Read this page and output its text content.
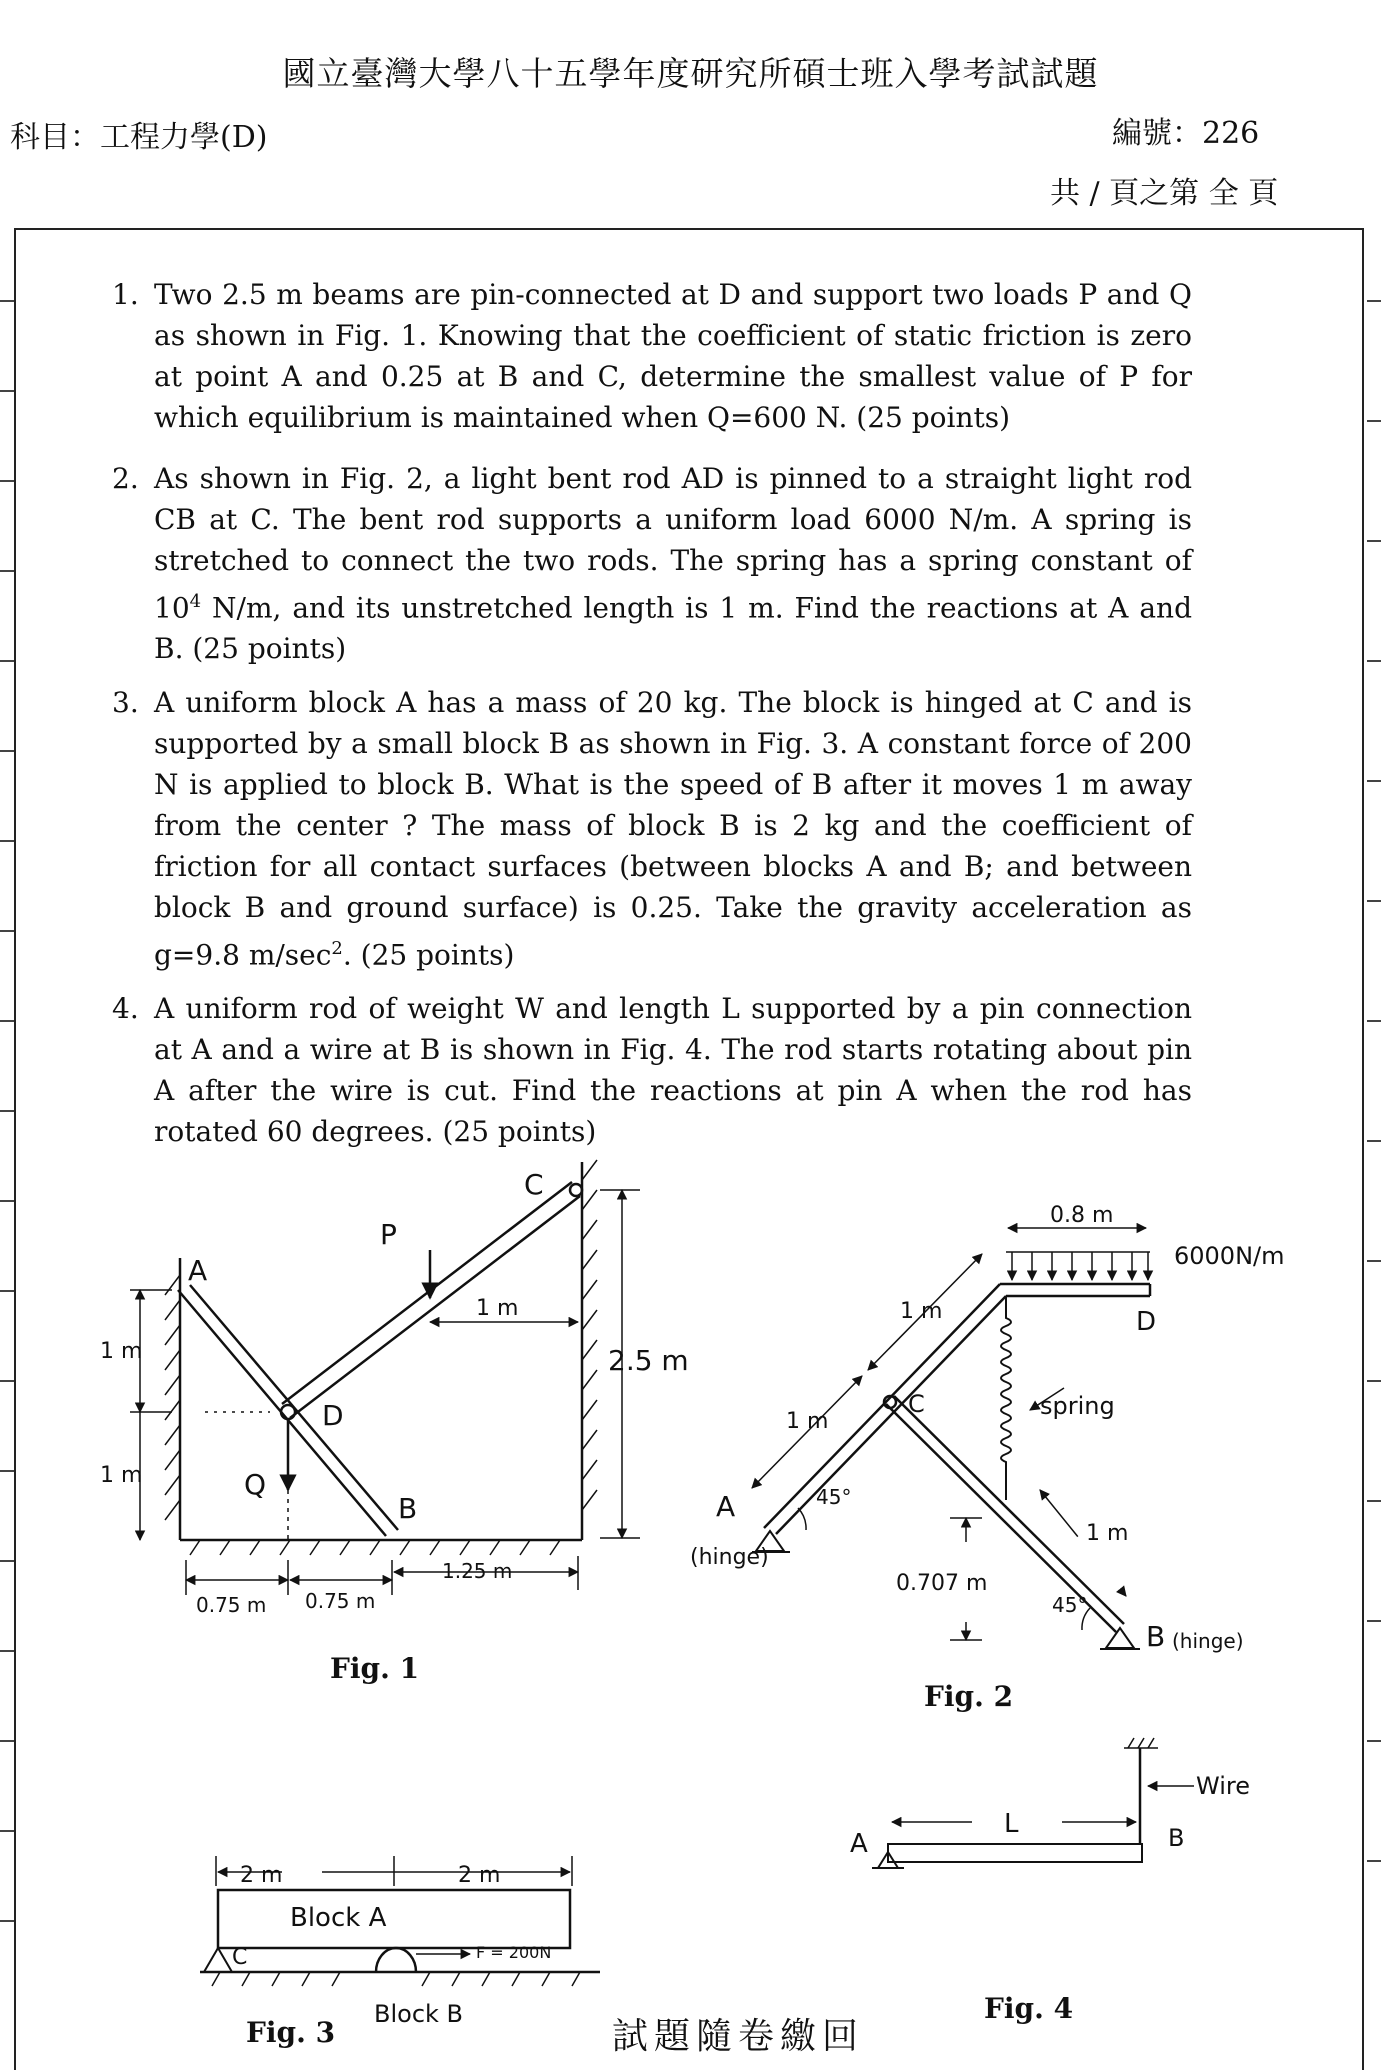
國立臺灣大學八十五學年度研究所碩士班入學考試試題
科目：工程力學(D)	編號：226
共 / 頁之第 全 頁
1. Two 2.5 m beams are pin-connected at D and support two loads P and Q as shown in Fig. 1. Knowing that the coefficient of static friction is zero at point A and 0.25 at B and C, determine the smallest value of P for which equilibrium is maintained when Q=600 N. (25 points)
2. As shown in Fig. 2, a light bent rod AD is pinned to a straight light rod CB at C. The bent rod supports a uniform load 6000 N/m. A spring is stretched to connect the two rods. The spring has a spring constant of $10^4$ N/m, and its unstretched length is 1 m. Find the reactions at A and B. (25 points)
3. A uniform block A has a mass of 20 kg. The block is hinged at C and is supported by a small block B as shown in Fig. 3. A constant force of 200 N is applied to block B. What is the speed of B after it moves 1 m away from the center ? The mass of block B is 2 kg and the coefficient of friction for all contact surfaces (between blocks A and B; and between block B and ground surface) is 0.25. Take the gravity acceleration as g=9.8 $m/\sec^2$. (25 points)
4. A uniform rod of weight W and length L supported by a pin connection at A and a wire at B is shown in Fig. 4. The rod starts rotating about pin A after the wire is cut. Find the reactions at pin A when the rod has rotated 60 degrees. (25 points)
A
B
C
D
P
Q
1 m
1 m
1 m
2.5 m
0.75 m 0.75 m
1.25 m
6000N/m
0.8 m
D
C
A
(hinge)
B (hinge)
spring
1 m
1 m
1 m
45°
45°
0.707 m
2 m	2 m
Block A
C	F = 200N
Block B
A	B
L
Wire
Fig. 1
Fig. 2
Fig. 3
Fig. 4
試題隨卷繳回
